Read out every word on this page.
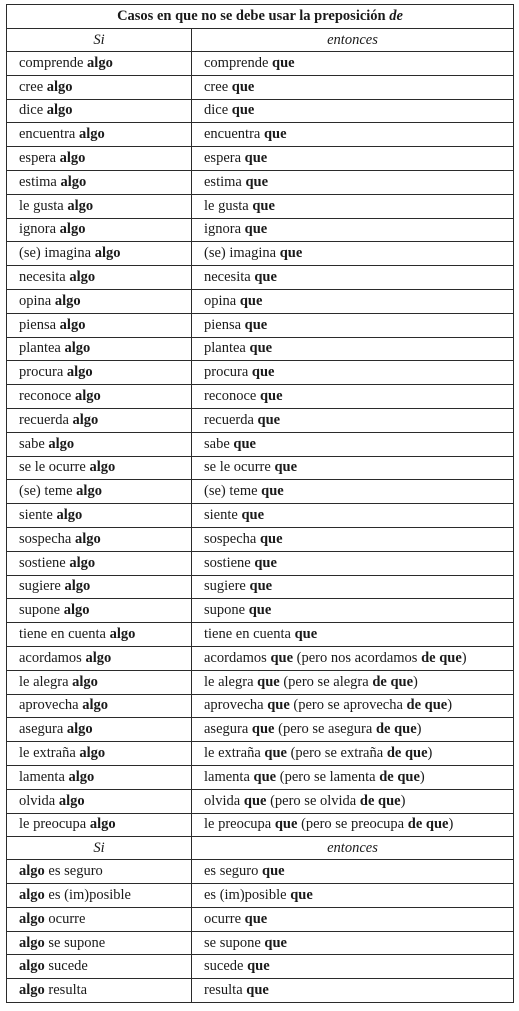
Casos en que no se debe usar la preposición de	
Si	entonces
comprende algo	comprende que
cree algo	cree que
dice algo	dice que
encuentra algo	encuentra que
espera algo	espera que
estima algo	estima que
le gusta algo	le gusta que
ignora algo	ignora que
(se) imagina algo	(se) imagina que
necesita algo	necesita que
opina algo	opina que
piensa algo	piensa que
plantea algo	plantea que
procura algo	procura que
reconoce algo	reconoce que
recuerda algo	recuerda que
sabe algo	sabe que
se le ocurre algo	se le ocurre que
(se) teme algo	(se) teme que
siente algo	siente que
sospecha algo	sospecha que
sostiene algo	sostiene que
sugiere algo	sugiere que
supone algo	supone que
tiene en cuenta algo	tiene en cuenta que
acordamos algo	acordamos que (pero nos acordamos de que)
le alegra algo	le alegra que (pero se alegra de que)
aprovecha algo	aprovecha que (pero se aprovecha de que)
asegura algo	asegura que (pero se asegura de que)
le extraña algo	le extraña que (pero se extraña de que)
lamenta algo	lamenta que (pero se lamenta de que)
olvida algo	olvida que (pero se olvida de que)
le preocupa algo	le preocupa que (pero se preocupa de que)
Si	entonces
algo es seguro	es seguro que
algo es (im)posible	es (im)posible que
algo ocurre	ocurre que
algo se supone	se supone que
algo sucede	sucede que
algo resulta	resulta que
